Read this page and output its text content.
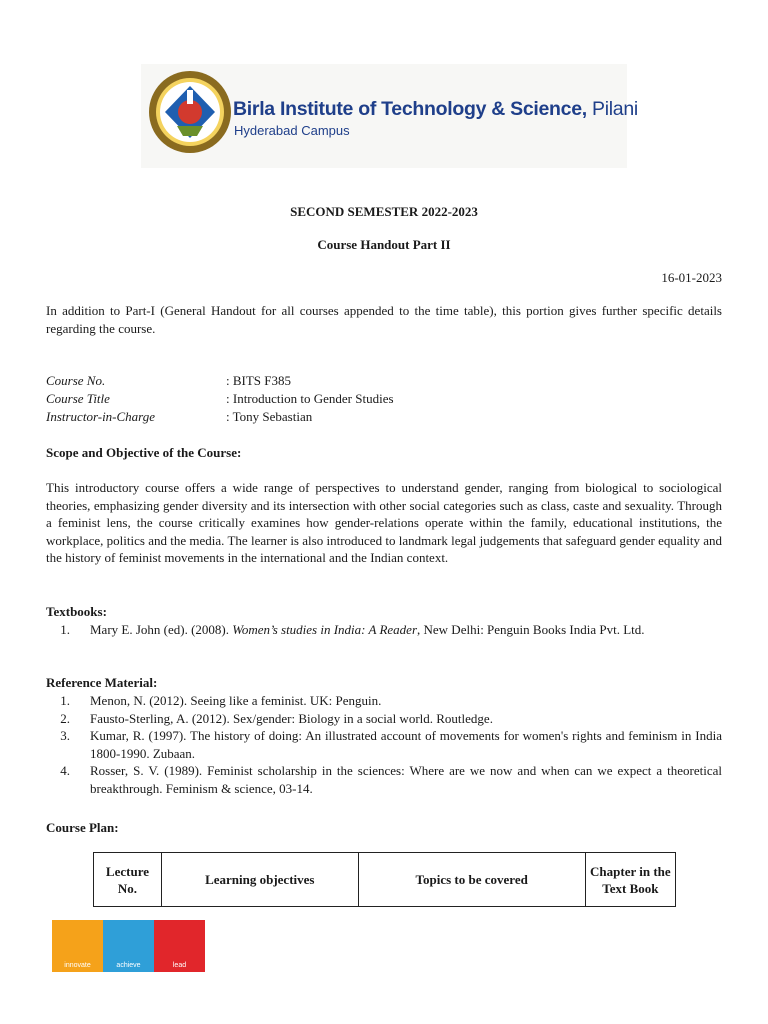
Birla Institute of Technology & Science, Pilani
Hyderabad Campus
SECOND SEMESTER 2022-2023
Course Handout Part II
16-01-2023

In addition to Part-I (General Handout for all courses appended to the time table), this portion gives further specific details regarding the course.

Course No.	: BITS F385
Course Title	: Introduction to Gender Studies
Instructor-in-Charge	: Tony Sebastian
Scope and Objective of the Course:

This introductory course offers a wide range of perspectives to understand gender, ranging from biological to sociological theories, emphasizing gender diversity and its intersection with other social categories such as class, caste and sexuality. Through a feminist lens, the course critically examines how gender-relations operate within the family, educational institutions, the workplace, politics and the media. The learner is also introduced to landmark legal judgements that safeguard gender equality and the history of feminist movements in the international and the Indian context.

Textbooks:
1.	Mary E. John (ed). (2008). Women’s studies in India: A Reader, New Delhi: Penguin Books India Pvt. Ltd.
Reference Material:
1.	Menon, N. (2012). Seeing like a feminist. UK: Penguin.
2.	Fausto-Sterling, A. (2012). Sex/gender: Biology in a social world. Routledge.
3.	Kumar, R. (1997). The history of doing: An illustrated account of movements for women's rights and feminism in India 1800-1990. Zubaan.
4.	Rosser, S. V. (1989). Feminist scholarship in the sciences: Where are we now and when can we expect a theoretical breakthrough. Feminism & science, 03-14.
Course Plan:
Lecture No.	Learning objectives	Topics to be covered	Chapter in the Text Book
innovate	achieve	lead
